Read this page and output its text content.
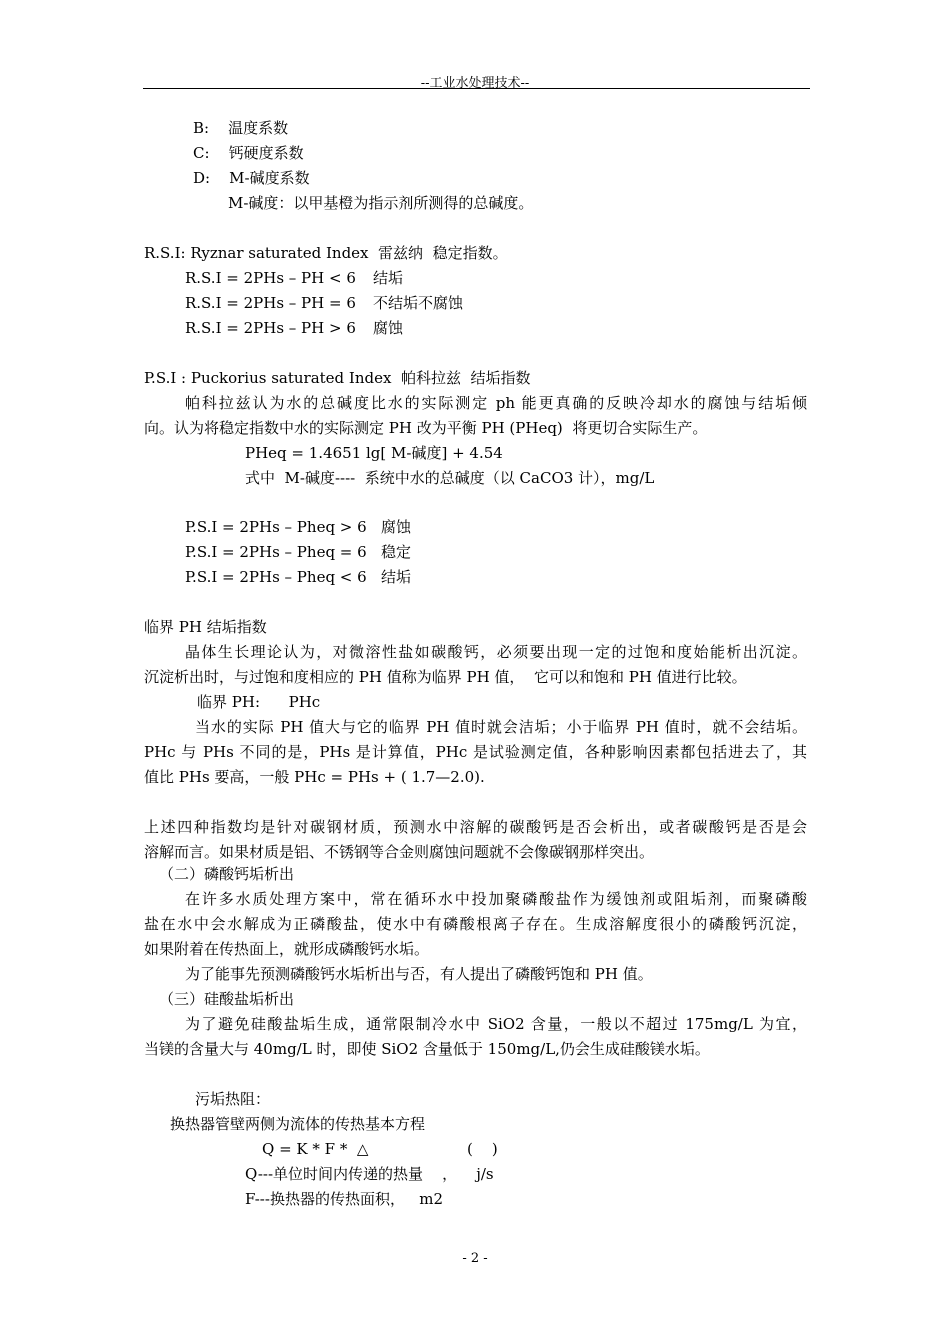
--工业水处理技术--
B:    温度系数
C:    钙硬度系数
D:    M-碱度系数
M-碱度：以甲基橙为指示剂所测得的总碱度。
R.S.I: Ryznar saturated Index  雷兹纳  稳定指数。
R.S.I = 2PHs – PH < 6 结垢
R.S.I = 2PHs – PH = 6 不结垢不腐蚀
R.S.I = 2PHs – PH > 6 腐蚀
P.S.I : Puckorius saturated Index  帕科拉兹  结垢指数
帕科拉兹认为水的总碱度比水的实际测定 ph 能更真确的反映冷却水的腐蚀与结垢倾
向。认为将稳定指数中水的实际测定 PH 改为平衡 PH (PHeq)  将更切合实际生产。
PHeq = 1.4651 lg[ M-碱度] + 4.54
式中  M-碱度----  系统中水的总碱度（以 CaCO3 计），mg/L
P.S.I = 2PHs – Pheq > 6 腐蚀
P.S.I = 2PHs – Pheq = 6 稳定
P.S.I = 2PHs – Pheq < 6 结垢
临界 PH 结垢指数
晶体生长理论认为，对微溶性盐如碳酸钙，必须要出现一定的过饱和度始能析出沉淀。
沉淀析出时，与过饱和度相应的 PH 值称为临界 PH 值，  它可以和饱和 PH 值进行比较。
临界 PH:      PHc
当水的实际 PH 值大与它的临界 PH 值时就会洁垢；小于临界 PH 值时，就不会结垢。
PHc 与 PHs 不同的是，PHs 是计算值，PHc 是试验测定值，各种影响因素都包括进去了，其
值比 PHs 要高，一般 PHc = PHs + ( 1.7—2.0).
上述四种指数均是针对碳钢材质，预测水中溶解的碳酸钙是否会析出，或者碳酸钙是否是会
溶解而言。如果材质是铝、不锈钢等合金则腐蚀问题就不会像碳钢那样突出。
（二）磷酸钙垢析出
在许多水质处理方案中，常在循环水中投加聚磷酸盐作为缓蚀剂或阻垢剂，而聚磷酸
盐在水中会水解成为正磷酸盐，使水中有磷酸根离子存在。生成溶解度很小的磷酸钙沉淀，
如果附着在传热面上，就形成磷酸钙水垢。
为了能事先预测磷酸钙水垢析出与否，有人提出了磷酸钙饱和 PH 值。
（三）硅酸盐垢析出
为了避免硅酸盐垢生成，通常限制冷水中 SiO2 含量，一般以不超过 175mg/L 为宜，
当镁的含量大与 40mg/L 时，即使 SiO2 含量低于 150mg/L,仍会生成硅酸镁水垢。
污垢热阻：
换热器管壁两侧为流体的传热基本方程
Q = K * F *  △	(    )
Q---单位时间内传递的热量    ，    j/s
F---换热器的传热面积，   m2
- 2 -
